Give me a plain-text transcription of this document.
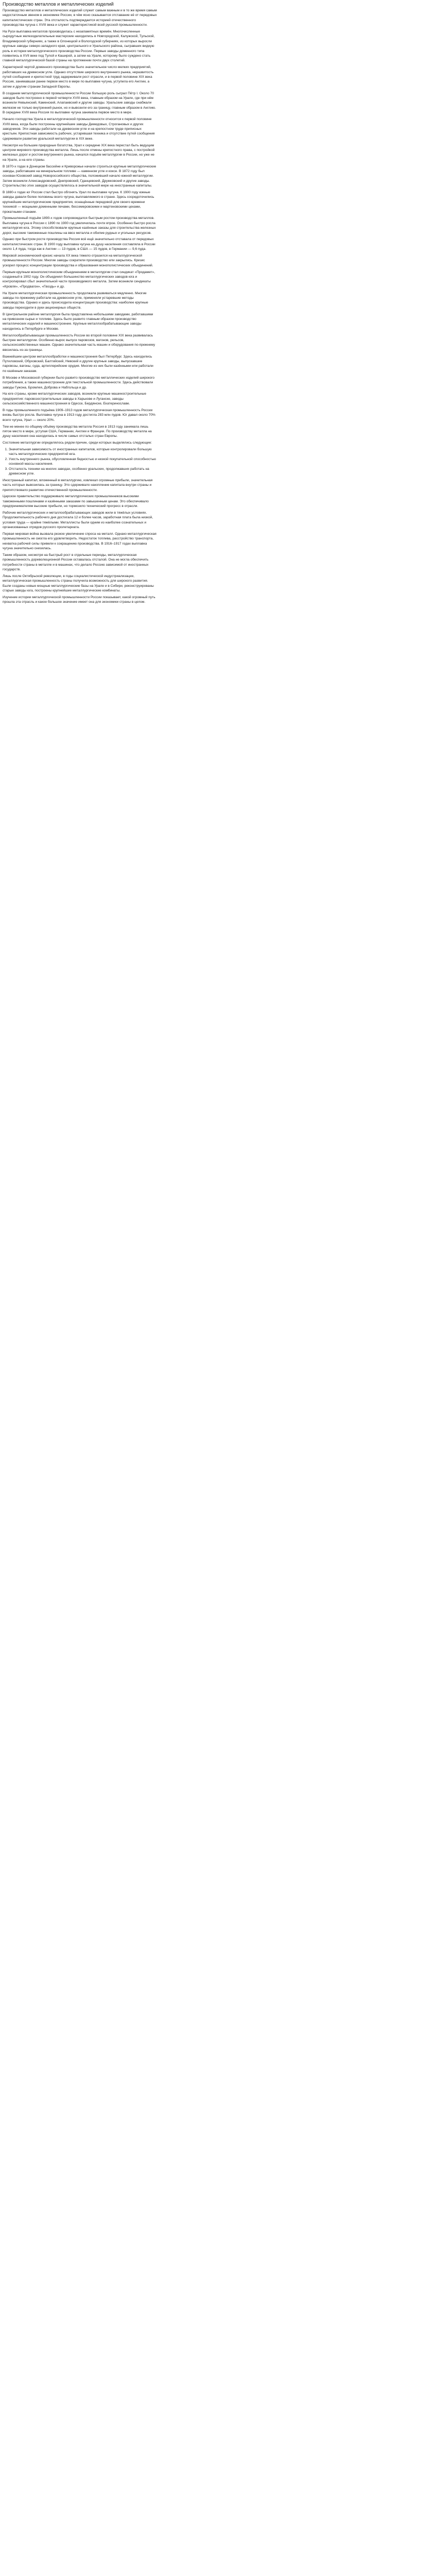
Производство металлов и металлических изделий

Производство металлов и металлических изделий служит самым важным и в то же время самым недостаточным звеном в экономике России, в чём ясно сказывается отставание её от передовых капиталистических стран. Эта отсталость подтверждается историей отечественного производства чугуна с XVIII века и служит характеристикой всей русской промышленности.

На Руси выплавка металлов производилась с незапамятных времён. Многочисленные сыродутные железоделательные мастерские находились в Новгородской, Калужской, Тульской, Владимирской губерниях, а также в Олонецкой и Вологодской губерниях, из которых выросли крупные заводы северо-западного края, центрального и Уральского района, сыгравших видную роль в истории металлургического производства России. Первые заводы доменного типа появились в XVII веке под Тулой и Каширой, а затем на Урале, которому было суждено стать главной металлургической базой страны на протяжении почти двух столетий.

Характерной чертой доменного производства было значительное число мелких предприятий, работавших на древесном угле. Однако отсутствие широкого внутреннего рынка, неразвитость путей сообщения и крепостной труд задерживали рост отрасли, и в первой половине XIX века Россия, занимавшая ранее первое место в мире по выплавке чугуна, уступила его Англии, а затем и другим странам Западной Европы.

В создании металлургической промышленности России большую роль сыграл Пётр I. Около 70 заводов было построено в первой четверти XVIII века, главным образом на Урале, где при нём возникли Невьянский, Каменский, Алапаевский и другие заводы. Уральские заводы снабжали железом не только внутренний рынок, но и вывозили его за границу, главным образом в Англию. В середине XVIII века Россия по выплавке чугуна занимала первое место в мире.

Начало господства Урала в металлургической промышленности относится к первой половине XVIII века, когда были построены крупнейшие заводы Демидовых, Строгановых и других заводчиков. Эти заводы работали на древесном угле и на крепостном труде приписных крестьян. Крепостная зависимость рабочих, устаревшая техника и отсутствие путей сообщения сдерживали развитие уральской металлургии в XIX веке.

Несмотря на большие природные богатства, Урал к середине XIX века перестал быть ведущим центром мирового производства металла. Лишь после отмены крепостного права, с постройкой железных дорог и ростом внутреннего рынка, начался подъём металлургии в России, но уже не на Урале, а на юге страны.

В 1870-х годах в Донецком бассейне и Криворожье начали строиться крупные металлургические заводы, работавшие на минеральном топливе — каменном угле и коксе. В 1872 году был основан Юзовский завод Новороссийского общества, положивший начало южной металлургии. Затем возникли Александровский, Днепровский, Гданцевский, Дружковский и другие заводы. Строительство этих заводов осуществлялось в значительной мере на иностранные капиталы.

В 1880-х годах юг России стал быстро обгонять Урал по выплавке чугуна. К 1900 году южные заводы давали более половины всего чугуна, выплавляемого в стране. Здесь сосредоточились крупнейшие металлургические предприятия, оснащённые передовой для своего времени техникой — мощными доменными печами, бессемеровскими и мартеновскими цехами, прокатными станами.

Промышленный подъём 1890-х годов сопровождался быстрым ростом производства металлов. Выплавка чугуна в России с 1890 по 1900 год увеличилась почти втрое. Особенно быстро росла металлургия юга. Этому способствовали крупные казённые заказы для строительства железных дорог, высокие таможенные пошлины на ввоз металла и обилие рудных и угольных ресурсов.

Однако при быстром росте производства Россия всё ещё значительно отставала от передовых капиталистических стран. В 1900 году выплавка чугуна на душу населения составляла в России около 1,4 пуда, тогда как в Англии — 13 пудов, в США — 15 пудов, в Германии — 9,6 пуда.

Мировой экономический кризис начала XX века тяжело отразился на металлургической промышленности России. Многие заводы сократили производство или закрылись. Кризис ускорил процесс концентрации производства и образования монополистических объединений.

Первым крупным монополистическим объединением в металлургии стал синдикат «Продамет», созданный в 1902 году. Он объединял большинство металлургических заводов юга и контролировал сбыт значительной части производимого металла. Затем возникли синдикаты «Кровля», «Продвагон», «Гвоздь» и др.

На Урале металлургическая промышленность продолжала развиваться медленно. Многие заводы по-прежнему работали на древесном угле, применяли устаревшие методы производства. Однако и здесь происходила концентрация производства: наиболее крупные заводы переходили в руки акционерных обществ.

В Центральном районе металлургия была представлена небольшими заводами, работавшими на привозном сырье и топливе. Здесь было развито главным образом производство металлических изделий и машиностроение. Крупные металлообрабатывающие заводы находились в Петербурге и Москве.

Металлообрабатывающая промышленность России во второй половине XIX века развивалась быстрее металлургии. Особенно вырос выпуск паровозов, вагонов, рельсов, сельскохозяйственных машин. Однако значительная часть машин и оборудования по-прежнему ввозилась из-за границы.

Важнейшим центром металлообработки и машиностроения был Петербург. Здесь находились Путиловский, Обуховский, Балтийский, Невский и другие крупные заводы, выпускавшие паровозы, вагоны, суда, артиллерийские орудия. Многие из них были казёнными или работали по казённым заказам.

В Москве и Московской губернии было развито производство металлических изделий широкого потребления, а также машиностроение для текстильной промышленности. Здесь действовали заводы Гужона, Бромлея, Доброва и Набгольца и др.

На юге страны, кроме металлургических заводов, возникли крупные машиностроительные предприятия: паровозостроительные заводы в Харькове и Луганске, заводы сельскохозяйственного машиностроения в Одессе, Бердянске, Екатеринославе.

В годы промышленного подъёма 1909–1913 годов металлургическая промышленность России вновь быстро росла. Выплавка чугуна в 1913 году достигла 283 млн пудов. Юг давал около 70% всего чугуна, Урал — около 20%.

Тем не менее по общему объёму производства металла Россия в 1913 году занимала лишь пятое место в мире, уступая США, Германии, Англии и Франции. По производству металла на душу населения она находилась в числе самых отсталых стран Европы.

Состояние металлургии определялось рядом причин, среди которых выделялись следующие:

1. Значительная зависимость от иностранных капиталов, которые контролировали большую часть металлургических предприятий юга.
2. Узость внутреннего рынка, обусловленная бедностью и низкой покупательной способностью основной массы населения.
3. Отсталость техники на многих заводах, особенно уральских, продолжавших работать на древесном угле.

Иностранный капитал, вложенный в металлургию, извлекал огромные прибыли, значительная часть которых вывозилась за границу. Это сдерживало накопление капитала внутри страны и препятствовало развитию отечественной промышленности.

Царское правительство поддерживало металлургических промышленников высокими таможенными пошлинами и казёнными заказами по завышенным ценам. Это обеспечивало предпринимателям высокие прибыли, но тормозило технический прогресс в отрасли.

Рабочие металлургических и металлообрабатывающих заводов жили в тяжёлых условиях. Продолжительность рабочего дня достигала 12 и более часов, заработная плата была низкой, условия труда — крайне тяжёлыми. Металлисты были одним из наиболее сознательных и организованных отрядов русского пролетариата.

Первая мировая война вызвала резкое увеличение спроса на металл. Однако металлургическая промышленность не смогла его удовлетворить. Недостаток топлива, расстройство транспорта, нехватка рабочей силы привели к сокращению производства. В 1916–1917 годах выплавка чугуна значительно снизилась.

Таким образом, несмотря на быстрый рост в отдельные периоды, металлургическая промышленность дореволюционной России оставалась отсталой. Она не могла обеспечить потребности страны в металле и в машинах, что делало Россию зависимой от иностранных государств.

Лишь после Октябрьской революции, в годы социалистической индустриализации, металлургическая промышленность страны получила возможность для широкого развития. Были созданы новые мощные металлургические базы на Урале и в Сибири, реконструированы старые заводы юга, построены крупнейшие металлургические комбинаты.

Изучение истории металлургической промышленности России показывает, какой огромный путь прошла эта отрасль и какое большое значение имеет она для экономики страны в целом.
